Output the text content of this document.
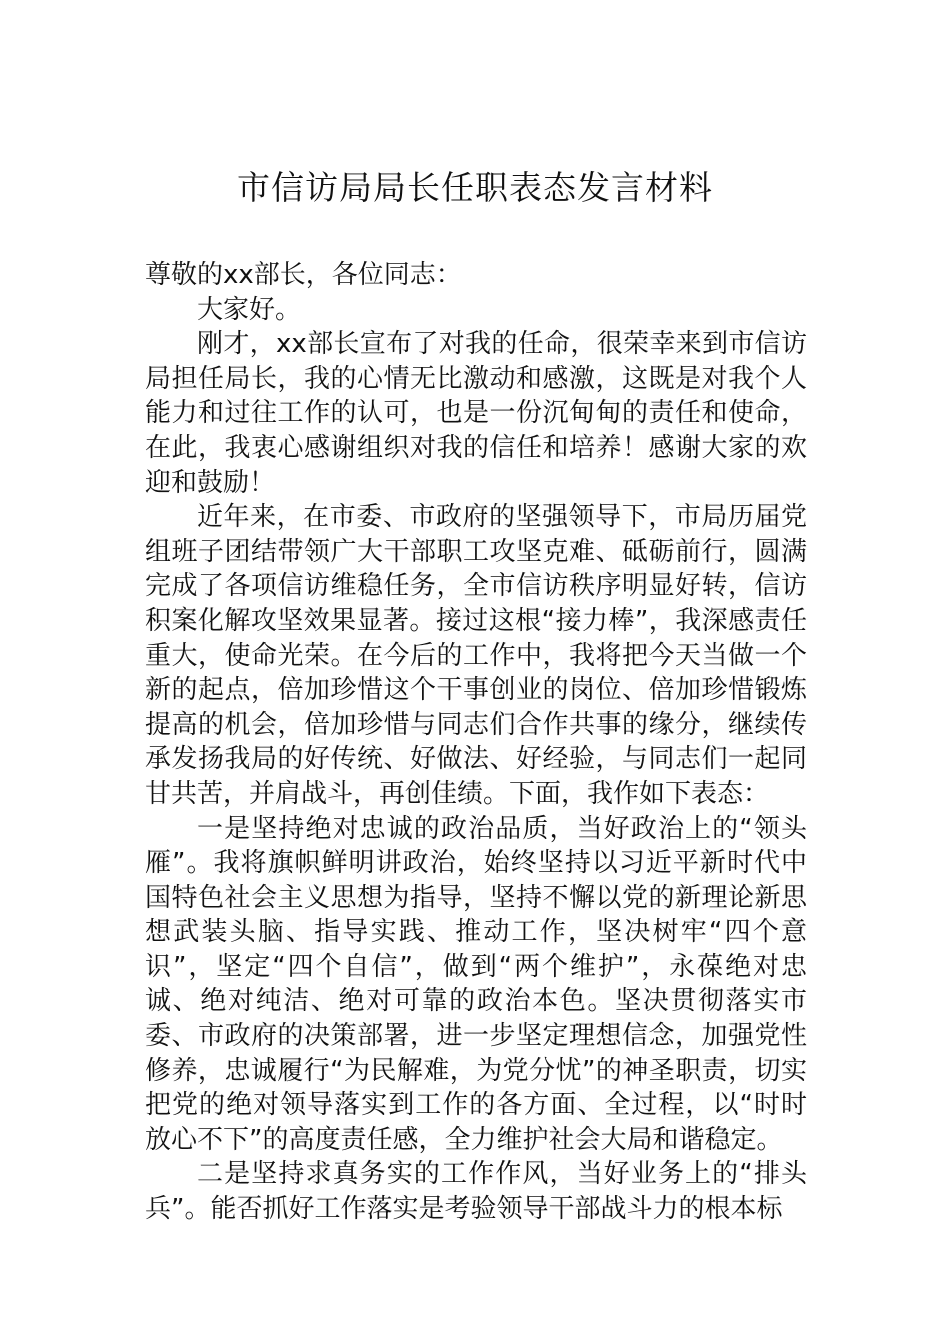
市信访局局长任职表态发言材料

尊敬的xx部长，各位同志：

大家好。

刚才，xx部长宣布了对我的任命，很荣幸来到市信访局担任局长，我的心情无比激动和感激，这既是对我个人能力和过往工作的认可，也是一份沉甸甸的责任和使命，在此，我衷心感谢组织对我的信任和培养！感谢大家的欢迎和鼓励！

近年来，在市委、市政府的坚强领导下，市局历届党组班子团结带领广大干部职工攻坚克难、砥砺前行，圆满完成了各项信访维稳任务，全市信访秩序明显好转，信访积案化解攻坚效果显著。接过这根“接力棒”，我深感责任重大，使命光荣。在今后的工作中，我将把今天当做一个新的起点，倍加珍惜这个干事创业的岗位、倍加珍惜锻炼提高的机会，倍加珍惜与同志们合作共事的缘分，继续传承发扬我局的好传统、好做法、好经验，与同志们一起同甘共苦，并肩战斗，再创佳绩。下面，我作如下表态：

一是坚持绝对忠诚的政治品质，当好政治上的“领头雁”。我将旗帜鲜明讲政治，始终坚持以习近平新时代中国特色社会主义思想为指导，坚持不懈以党的新理论新思想武装头脑、指导实践、推动工作，坚决树牢“四个意识”，坚定“四个自信”，做到“两个维护”，永葆绝对忠诚、绝对纯洁、绝对可靠的政治本色。坚决贯彻落实市委、市政府的决策部署，进一步坚定理想信念，加强党性修养，忠诚履行“为民解难，为党分忧”的神圣职责，切实把党的绝对领导落实到工作的各方面、全过程，以“时时放心不下”的高度责任感，全力维护社会大局和谐稳定。

二是坚持求真务实的工作作风，当好业务上的“排头兵”。能否抓好工作落实是考验领导干部战斗力的根本标
